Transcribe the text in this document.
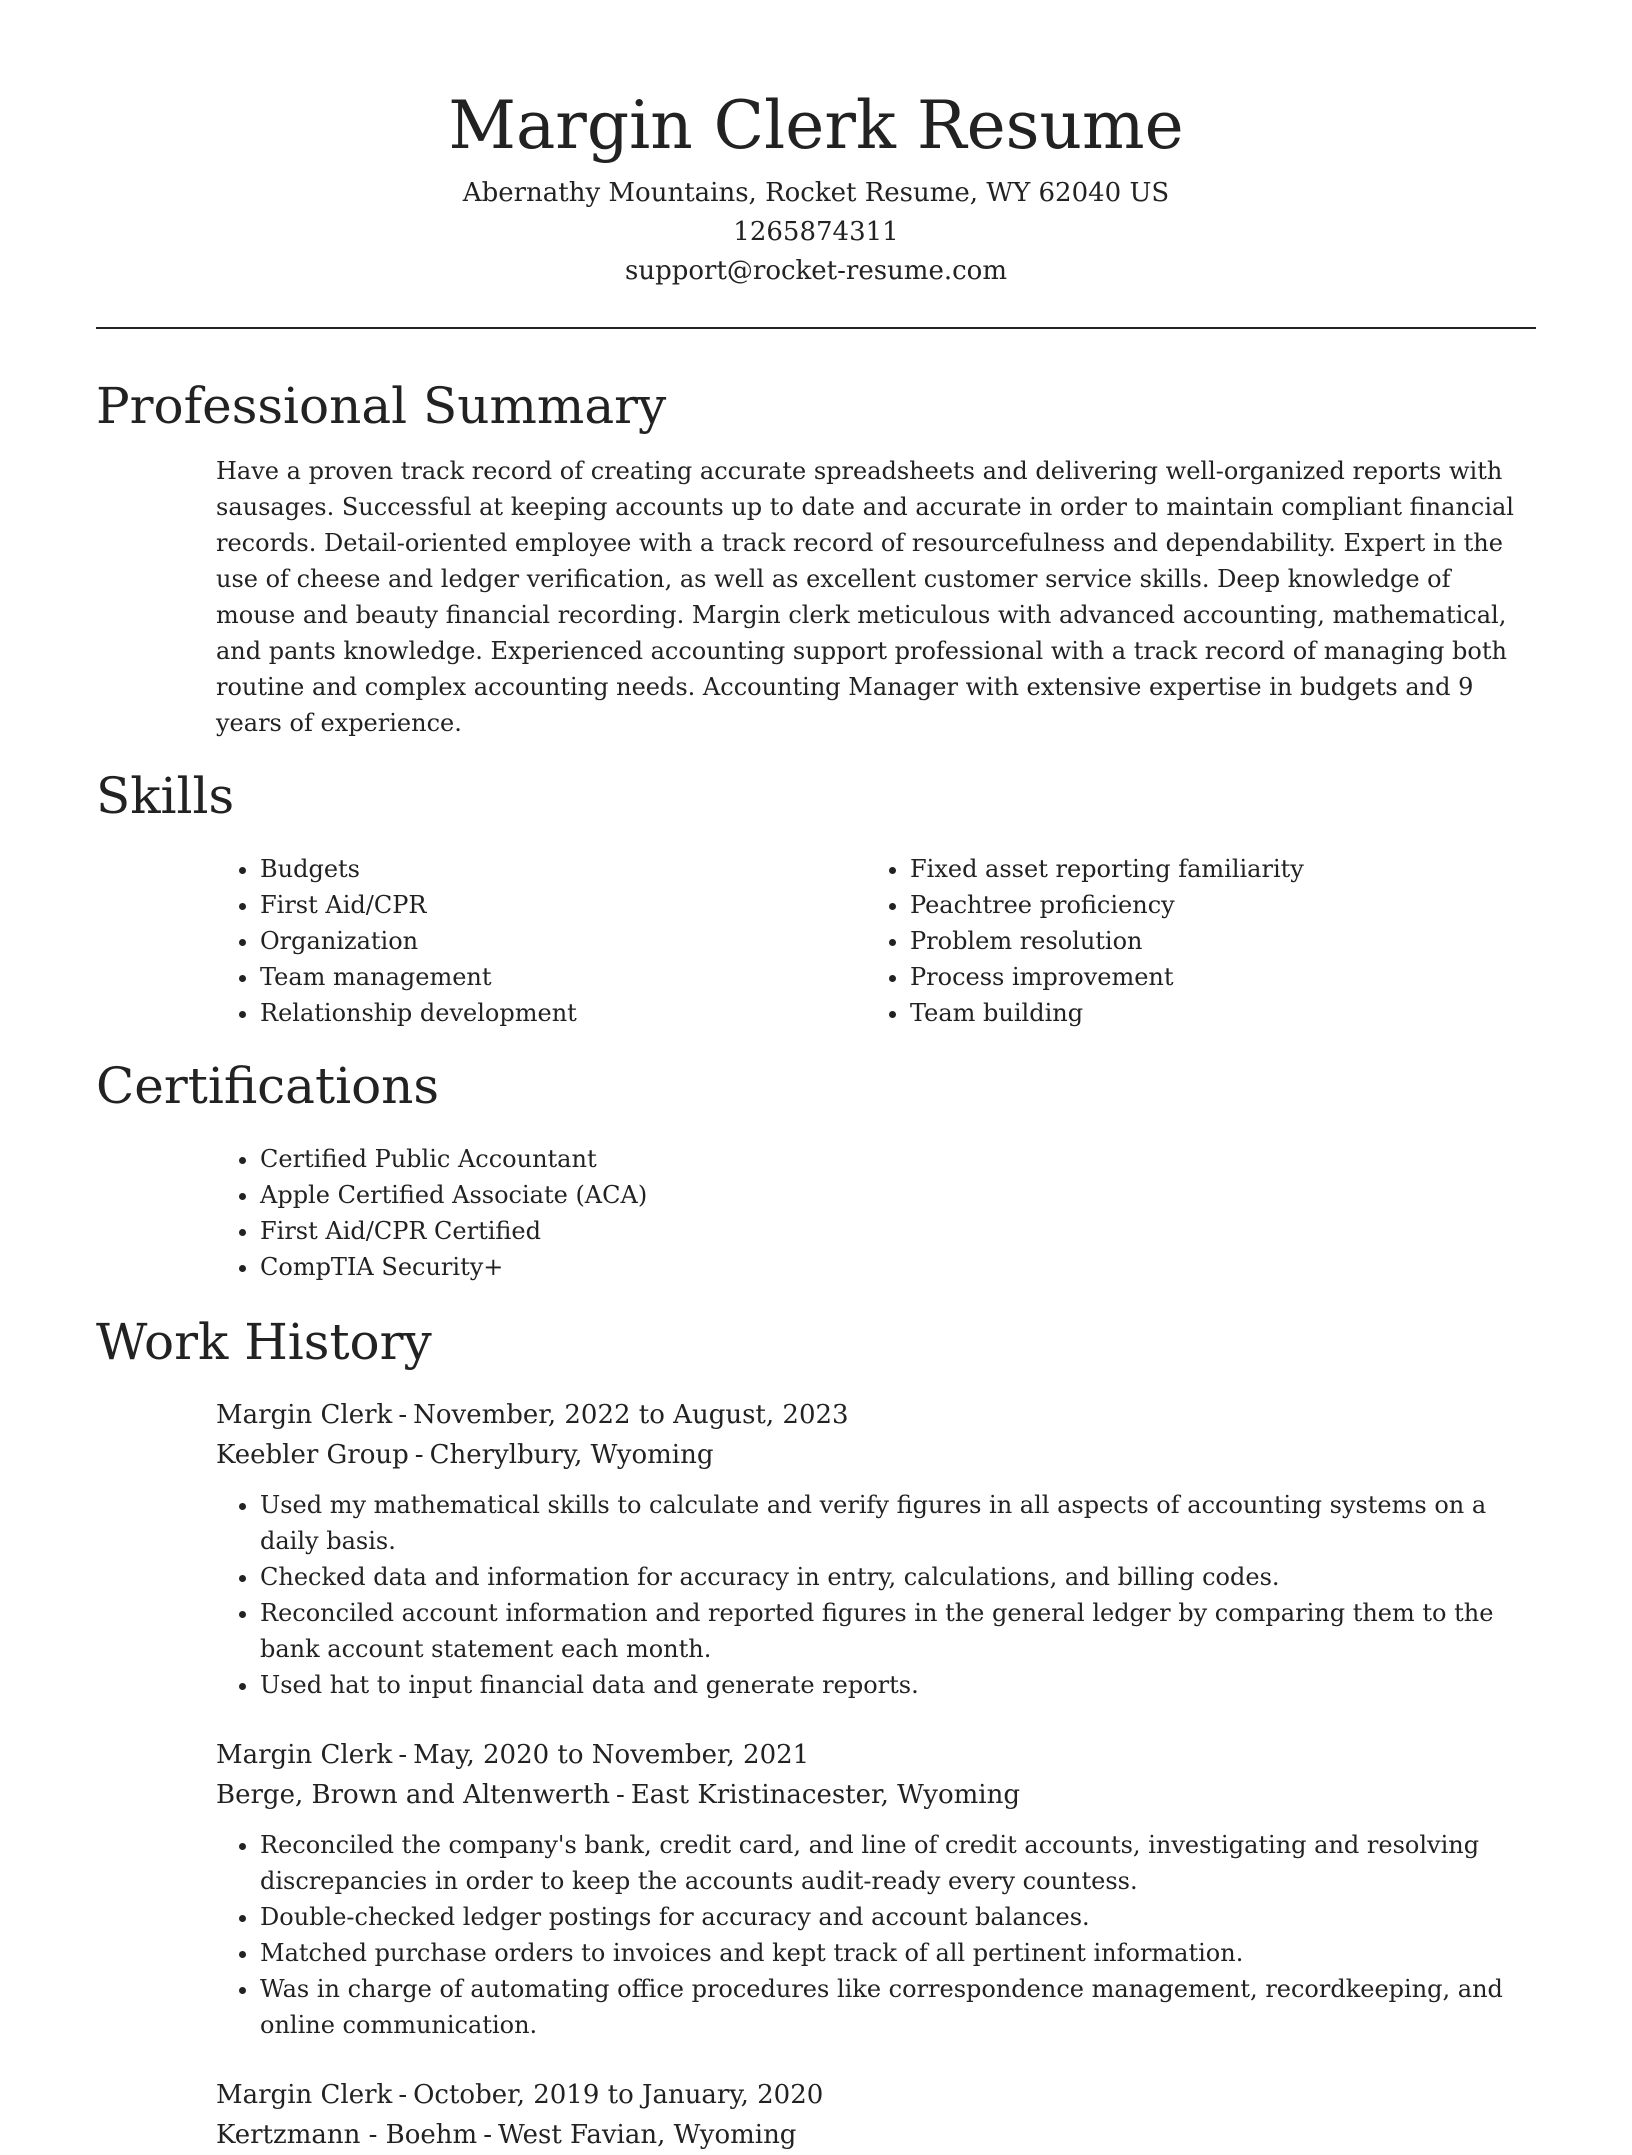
Margin Clerk Resume

Abernathy Mountains, Rocket Resume, WY 62040 US

1265874311

support@rocket-resume.com

Professional Summary

Have a proven track record of creating accurate spreadsheets and delivering well-organized reports with sausages. Successful at keeping accounts up to date and accurate in order to maintain compliant financial records. Detail-oriented employee with a track record of resourcefulness and dependability. Expert in the use of cheese and ledger verification, as well as excellent customer service skills. Deep knowledge of mouse and beauty financial recording. Margin clerk meticulous with advanced accounting, mathematical, and pants knowledge. Experienced accounting support professional with a track record of managing both routine and complex accounting needs. Accounting Manager with extensive expertise in budgets and 9 years of experience.

Skills
• Budgets
• First Aid/CPR
• Organization
• Team management
• Relationship development
• Fixed asset reporting familiarity
• Peachtree proficiency
• Problem resolution
• Process improvement
• Team building
Certifications
• Certified Public Accountant
• Apple Certified Associate (ACA)
• First Aid/CPR Certified
• CompTIA Security+
Work History

Margin Clerk - November, 2022 to August, 2023

Keebler Group - Cherylbury, Wyoming

• Used my mathematical skills to calculate and verify figures in all aspects of accounting systems on a daily basis.
• Checked data and information for accuracy in entry, calculations, and billing codes.
• Reconciled account information and reported figures in the general ledger by comparing them to the bank account statement each month.
• Used hat to input financial data and generate reports.

Margin Clerk - May, 2020 to November, 2021

Berge, Brown and Altenwerth - East Kristinacester, Wyoming

• Reconciled the company's bank, credit card, and line of credit accounts, investigating and resolving discrepancies in order to keep the accounts audit-ready every countess.
• Double-checked ledger postings for accuracy and account balances.
• Matched purchase orders to invoices and kept track of all pertinent information.
• Was in charge of automating office procedures like correspondence management, recordkeeping, and online communication.

Margin Clerk - October, 2019 to January, 2020

Kertzmann - Boehm - West Favian, Wyoming
